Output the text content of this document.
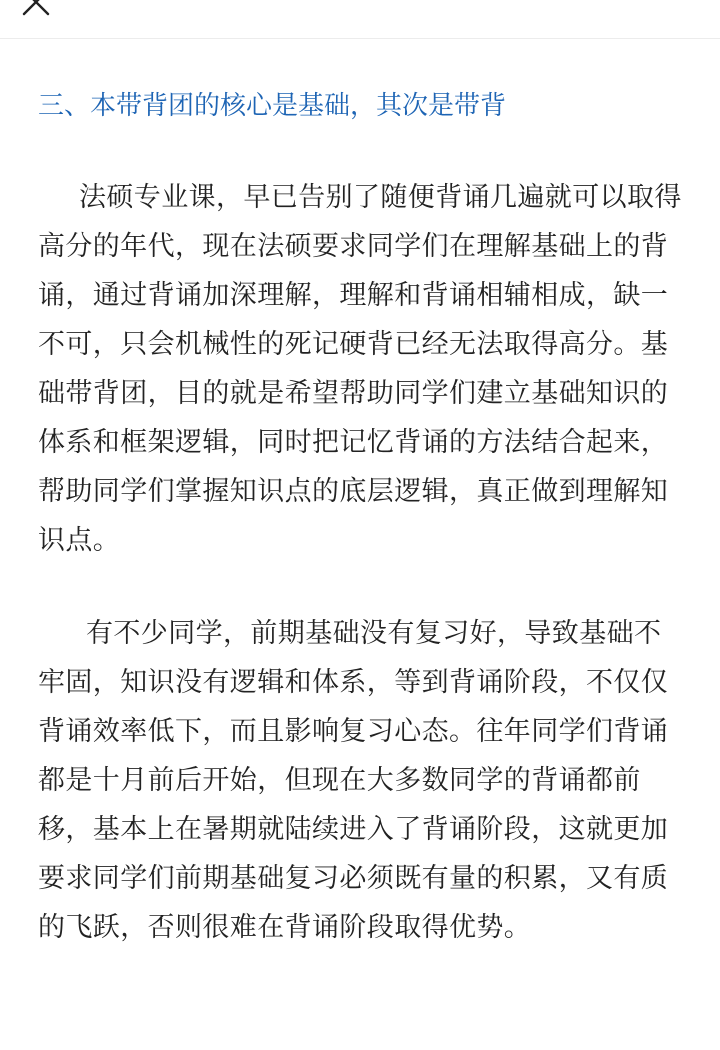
三、本带背团的核心是基础，其次是带背

法硕专业课，早已告别了随便背诵几遍就可以取得高分的年代，现在法硕要求同学们在理解基础上的背诵，通过背诵加深理解，理解和背诵相辅相成，缺一不可，只会机械性的死记硬背已经无法取得高分。基础带背团，目的就是希望帮助同学们建立基础知识的体系和框架逻辑，同时把记忆背诵的方法结合起来，帮助同学们掌握知识点的底层逻辑，真正做到理解知识点。

有不少同学，前期基础没有复习好，导致基础不牢固，知识没有逻辑和体系，等到背诵阶段，不仅仅背诵效率低下，而且影响复习心态。往年同学们背诵都是十月前后开始，但现在大多数同学的背诵都前移，基本上在暑期就陆续进入了背诵阶段，这就更加要求同学们前期基础复习必须既有量的积累，又有质的飞跃，否则很难在背诵阶段取得优势。
